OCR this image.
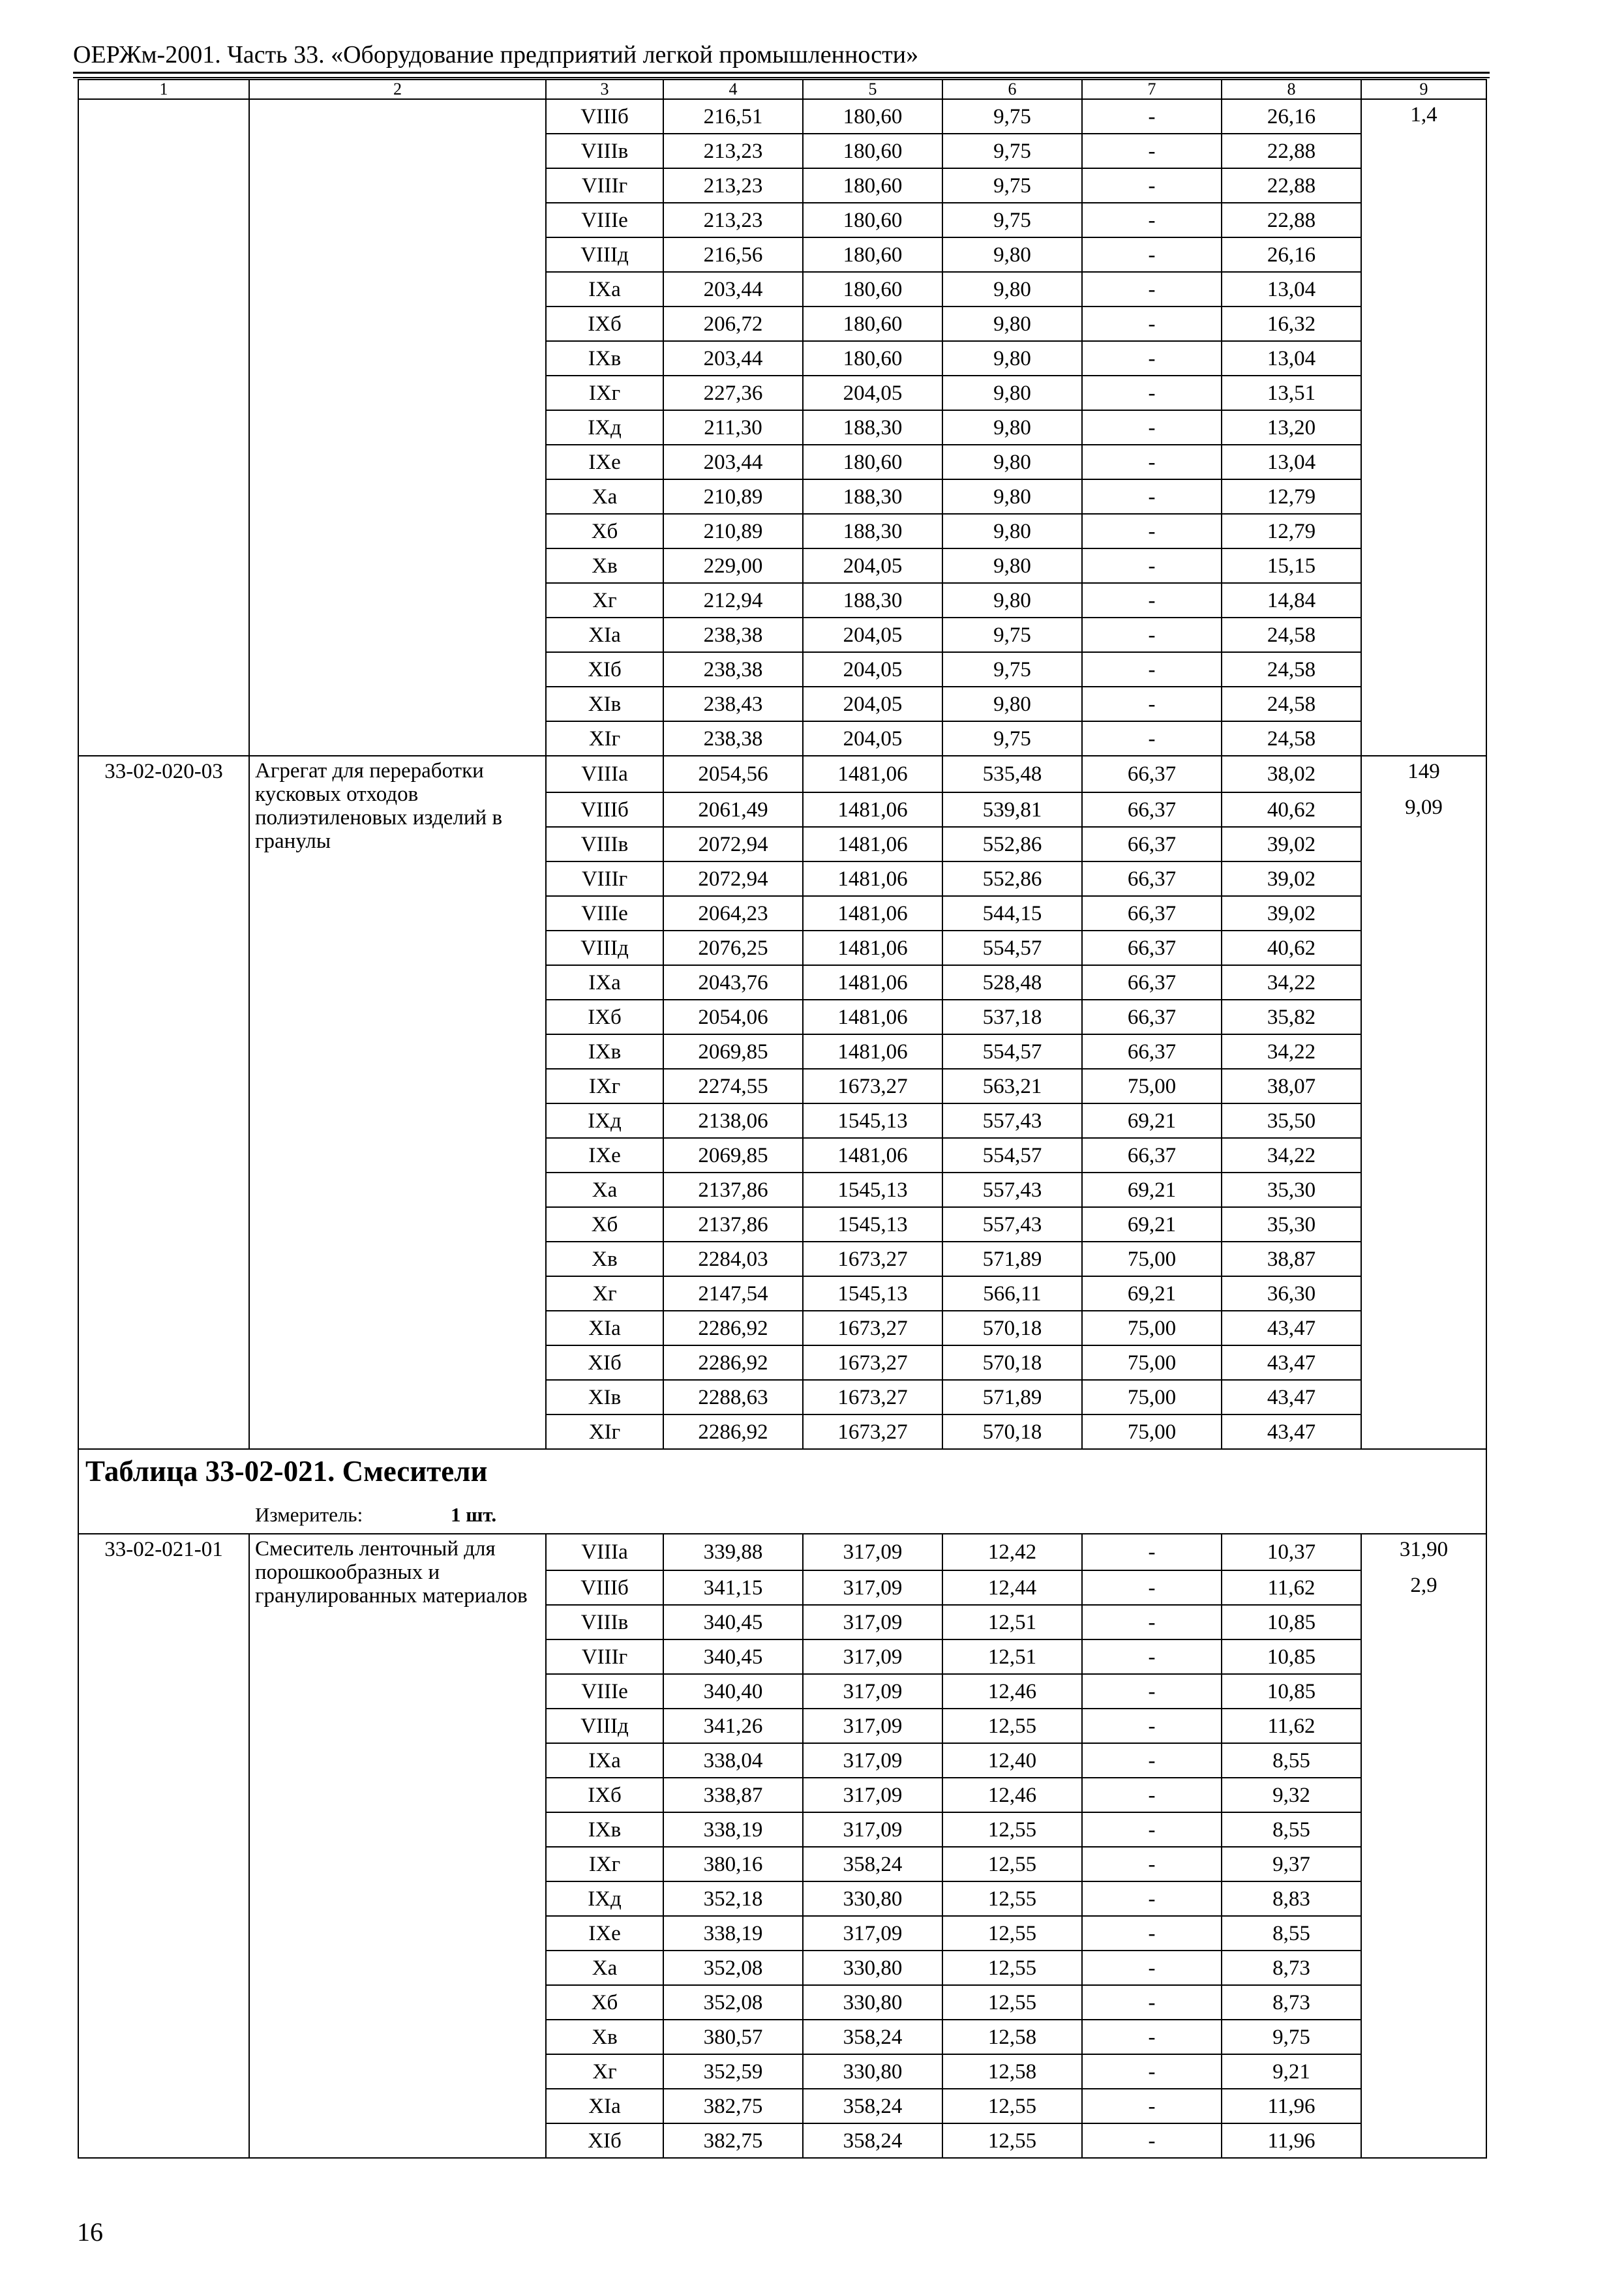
ОЕРЖм-2001. Часть 33. «Оборудование предприятий легкой промышленности»
1	2	3	4	5	6	7	8	9
		VIIIб	216,51	180,60	9,75	-	26,16	1,4
		VIIIв	213,23	180,60	9,75	-	22,88	
		VIIIг	213,23	180,60	9,75	-	22,88	
		VIIIе	213,23	180,60	9,75	-	22,88	
		VIIIд	216,56	180,60	9,80	-	26,16	
		IXа	203,44	180,60	9,80	-	13,04	
		IXб	206,72	180,60	9,80	-	16,32	
		IXв	203,44	180,60	9,80	-	13,04	
		IXг	227,36	204,05	9,80	-	13,51	
		IXд	211,30	188,30	9,80	-	13,20	
		IXе	203,44	180,60	9,80	-	13,04	
		Xа	210,89	188,30	9,80	-	12,79	
		Xб	210,89	188,30	9,80	-	12,79	
		Xв	229,00	204,05	9,80	-	15,15	
		Xг	212,94	188,30	9,80	-	14,84	
		XIа	238,38	204,05	9,75	-	24,58	
		XIб	238,38	204,05	9,75	-	24,58	
		XIв	238,43	204,05	9,80	-	24,58	
		XIг	238,38	204,05	9,75	-	24,58	
33-02-020-03	Агрегат для переработки кусковых отходов полиэтиленовых изделий в гранулы	VIIIа	2054,56	1481,06	535,48	66,37	38,02	149
		VIIIб	2061,49	1481,06	539,81	66,37	40,62	9,09
		VIIIв	2072,94	1481,06	552,86	66,37	39,02	
		VIIIг	2072,94	1481,06	552,86	66,37	39,02	
		VIIIе	2064,23	1481,06	544,15	66,37	39,02	
		VIIIд	2076,25	1481,06	554,57	66,37	40,62	
		IXа	2043,76	1481,06	528,48	66,37	34,22	
		IXб	2054,06	1481,06	537,18	66,37	35,82	
		IXв	2069,85	1481,06	554,57	66,37	34,22	
		IXг	2274,55	1673,27	563,21	75,00	38,07	
		IXд	2138,06	1545,13	557,43	69,21	35,50	
		IXе	2069,85	1481,06	554,57	66,37	34,22	
		Xа	2137,86	1545,13	557,43	69,21	35,30	
		Xб	2137,86	1545,13	557,43	69,21	35,30	
		Xв	2284,03	1673,27	571,89	75,00	38,87	
		Xг	2147,54	1545,13	566,11	69,21	36,30	
		XIа	2286,92	1673,27	570,18	75,00	43,47	
		XIб	2286,92	1673,27	570,18	75,00	43,47	
		XIв	2288,63	1673,27	571,89	75,00	43,47	
		XIг	2286,92	1673,27	570,18	75,00	43,47	

Таблица 33-02-021. Смесители
Измеритель: 1 шт.								

33-02-021-01	Смеситель ленточный для порошкообразных и гранулированных материалов	VIIIа	339,88	317,09	12,42	-	10,37	31,90
		VIIIб	341,15	317,09	12,44	-	11,62	2,9
		VIIIв	340,45	317,09	12,51	-	10,85	
		VIIIг	340,45	317,09	12,51	-	10,85	
		VIIIе	340,40	317,09	12,46	-	10,85	
		VIIIд	341,26	317,09	12,55	-	11,62	
		IXа	338,04	317,09	12,40	-	8,55	
		IXб	338,87	317,09	12,46	-	9,32	
		IXв	338,19	317,09	12,55	-	8,55	
		IXг	380,16	358,24	12,55	-	9,37	
		IXд	352,18	330,80	12,55	-	8,83	
		IXе	338,19	317,09	12,55	-	8,55	
		Xа	352,08	330,80	12,55	-	8,73	
		Xб	352,08	330,80	12,55	-	8,73	
		Xв	380,57	358,24	12,58	-	9,75	
		Xг	352,59	330,80	12,58	-	9,21	
		XIа	382,75	358,24	12,55	-	11,96	
		XIб	382,75	358,24	12,55	-	11,96	
16
